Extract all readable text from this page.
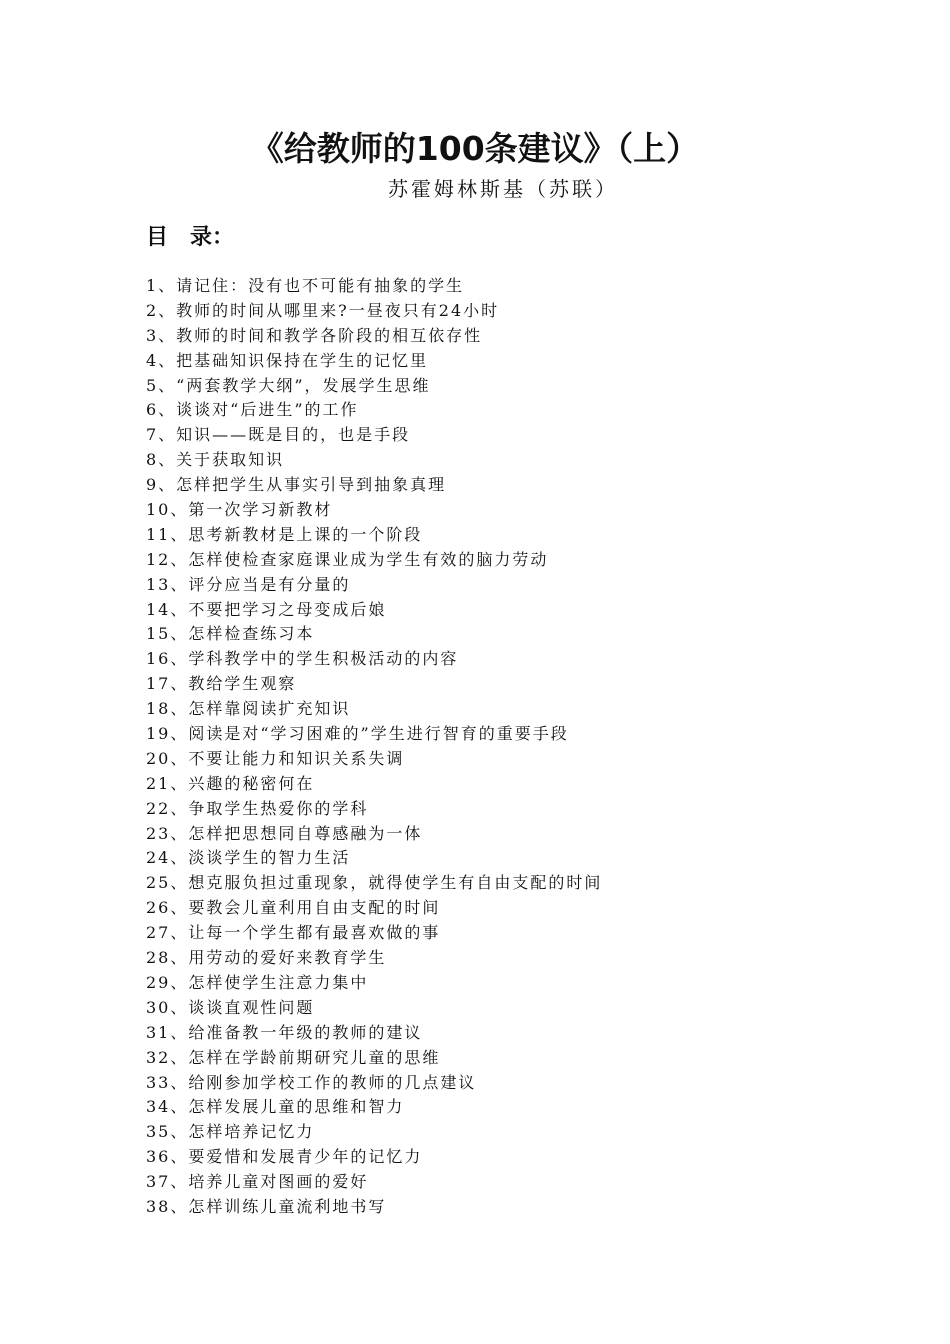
《给教师的100条建议》（上）
苏霍姆林斯基（苏联）
目　录：
1、请记住：没有也不可能有抽象的学生
2、教师的时间从哪里来?一昼夜只有24小时
3、教师的时间和教学各阶段的相互依存性
4、把基础知识保持在学生的记忆里
5、“两套教学大纲”，发展学生思维
6、谈谈对“后进生”的工作
7、知识——既是目的，也是手段
8、关于获取知识
9、怎样把学生从事实引导到抽象真理
10、第一次学习新教材
11、思考新教材是上课的一个阶段
12、怎样使检查家庭课业成为学生有效的脑力劳动
13、评分应当是有分量的
14、不要把学习之母变成后娘
15、怎样检查练习本
16、学科教学中的学生积极活动的内容
17、教给学生观察
18、怎样靠阅读扩充知识
19、阅读是对“学习困难的”学生进行智育的重要手段
20、不要让能力和知识关系失调
21、兴趣的秘密何在
22、争取学生热爱你的学科
23、怎样把思想同自尊感融为一体
24、淡谈学生的智力生活
25、想克服负担过重现象，就得使学生有自由支配的时间
26、要教会儿童利用自由支配的时间
27、让每一个学生都有最喜欢做的事
28、用劳动的爱好来教育学生
29、怎样使学生注意力集中
30、谈谈直观性问题
31、给准备教一年级的教师的建议
32、怎样在学龄前期研究儿童的思维
33、给刚参加学校工作的教师的几点建议
34、怎样发展儿童的思维和智力
35、怎样培养记忆力
36、要爱惜和发展青少年的记忆力
37、培养儿童对图画的爱好
38、怎样训练儿童流利地书写
